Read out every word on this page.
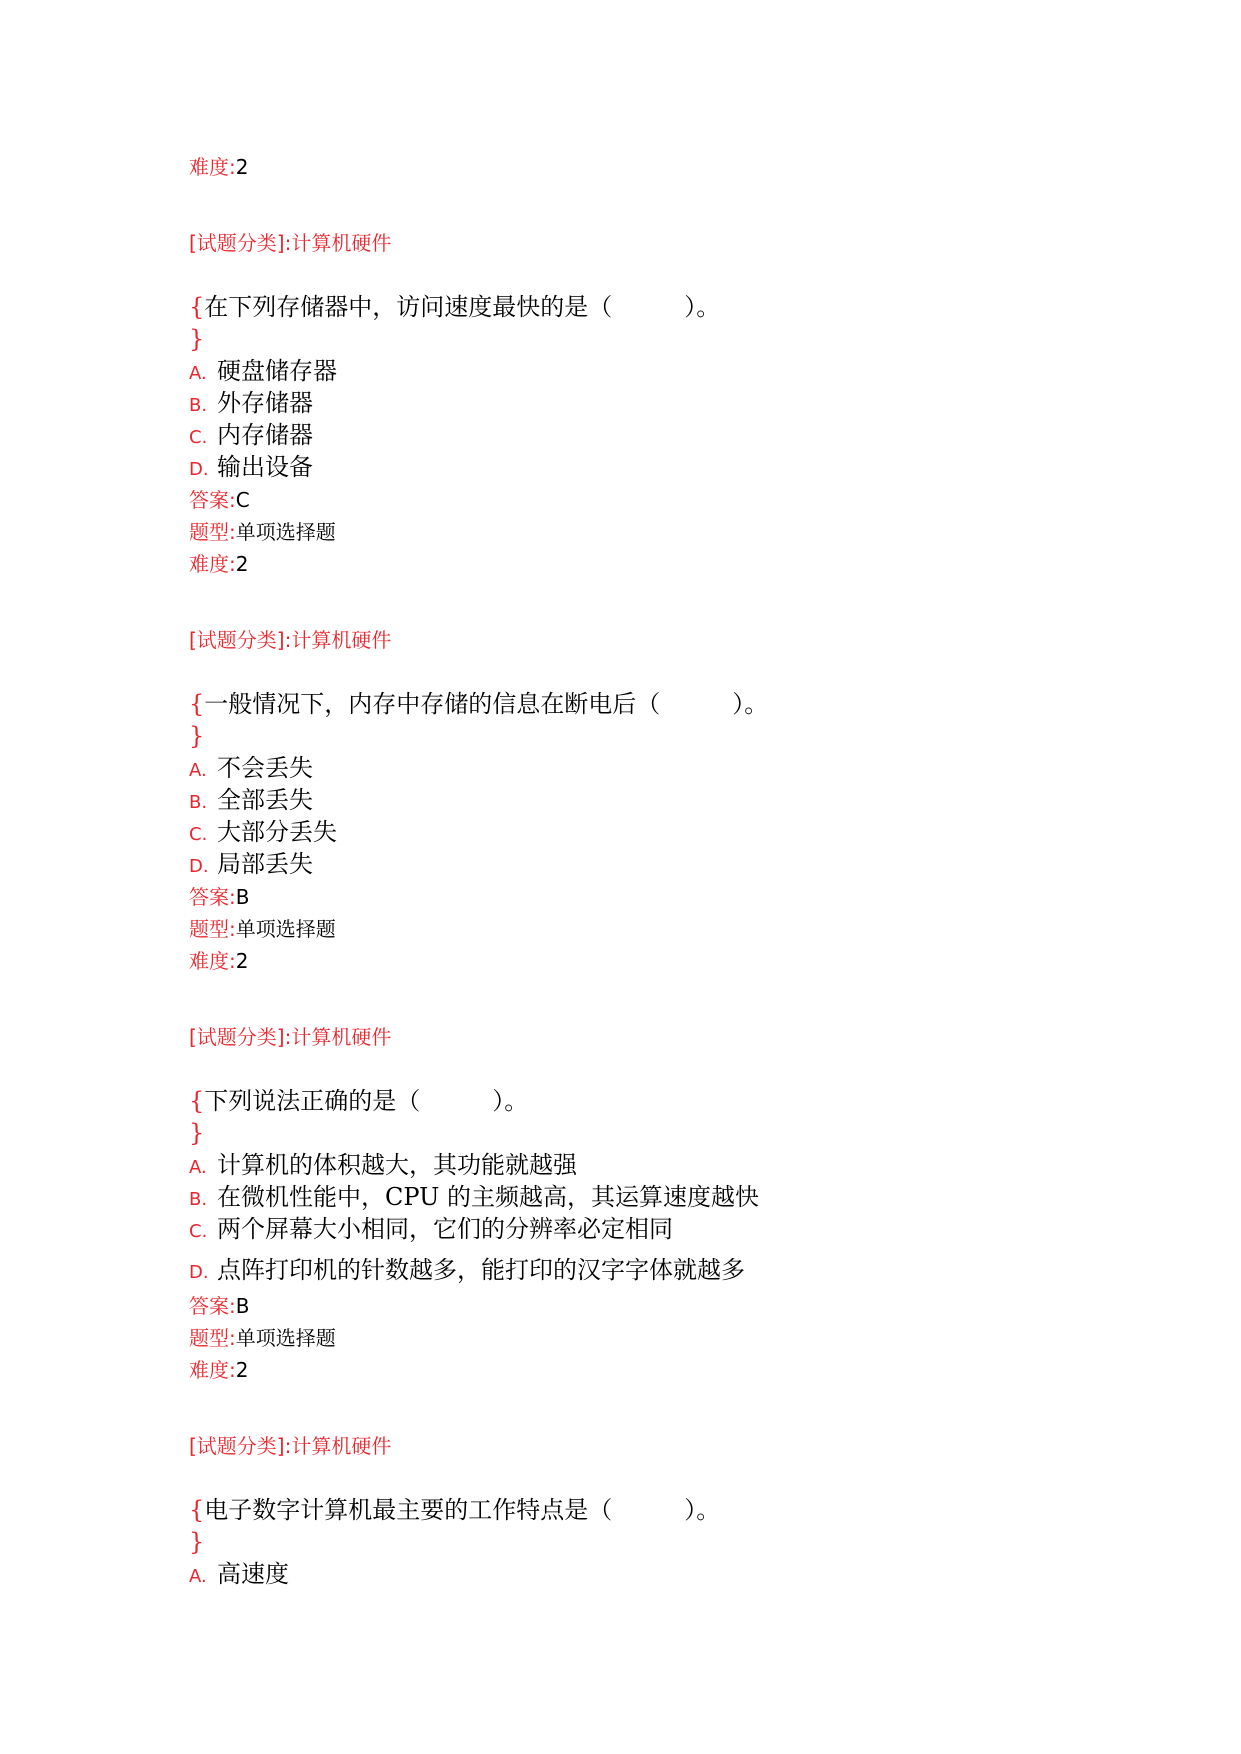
难度:2
[试题分类]:计算机硬件
{在下列存储器中，访问速度最快的是（　　　）。
}
A. 硬盘储存器
B. 外存储器
C. 内存储器
D. 输出设备
答案:C
题型:单项选择题
难度:2
[试题分类]:计算机硬件
{一般情况下，内存中存储的信息在断电后（　　　）。
}
A. 不会丢失
B. 全部丢失
C. 大部分丢失
D. 局部丢失
答案:B
题型:单项选择题
难度:2
[试题分类]:计算机硬件
{下列说法正确的是（　　　）。
}
A. 计算机的体积越大，其功能就越强
B. 在微机性能中，CPU 的主频越高，其运算速度越快
C. 两个屏幕大小相同，它们的分辨率必定相同
D. 点阵打印机的针数越多，能打印的汉字字体就越多
答案:B
题型:单项选择题
难度:2
[试题分类]:计算机硬件
{电子数字计算机最主要的工作特点是（　　　）。
}
A. 高速度
